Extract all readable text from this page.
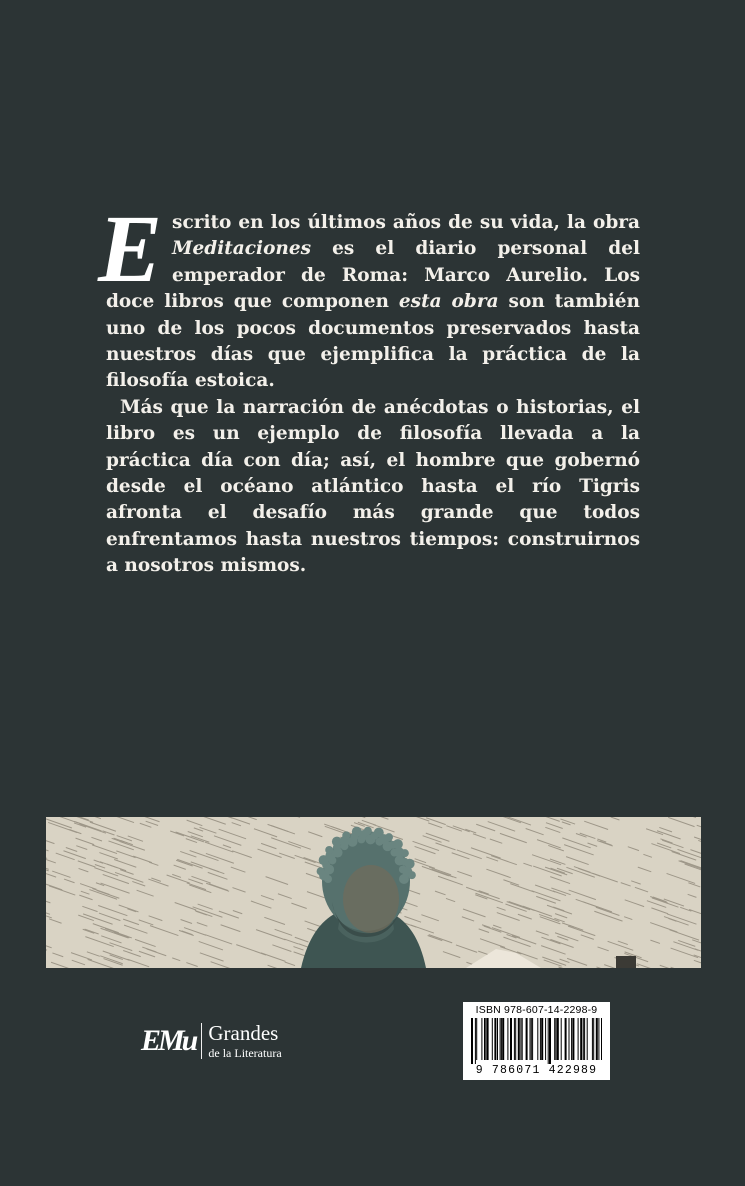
Escrito en los últimos años de su vida, la obra Meditaciones es el diario personal del emperador de Roma: Marco Aurelio. Los doce libros que componen esta obra son también uno de los pocos documentos preservados hasta nuestros días que ejemplifica la práctica de la filosofía estoica.

Más que la narración de anécdotas o historias, el libro es un ejemplo de filosofía llevada a la práctica día con día; así, el hombre que gobernó desde el océano atlántico hasta el río Tigris afronta el desafío más grande que todos enfrentamos hasta nuestros tiempos: construirnos a nosotros mismos.

EMu Grandes
de la Literatura
ISBN 978-607-14-2298-9
9 786071 422989
